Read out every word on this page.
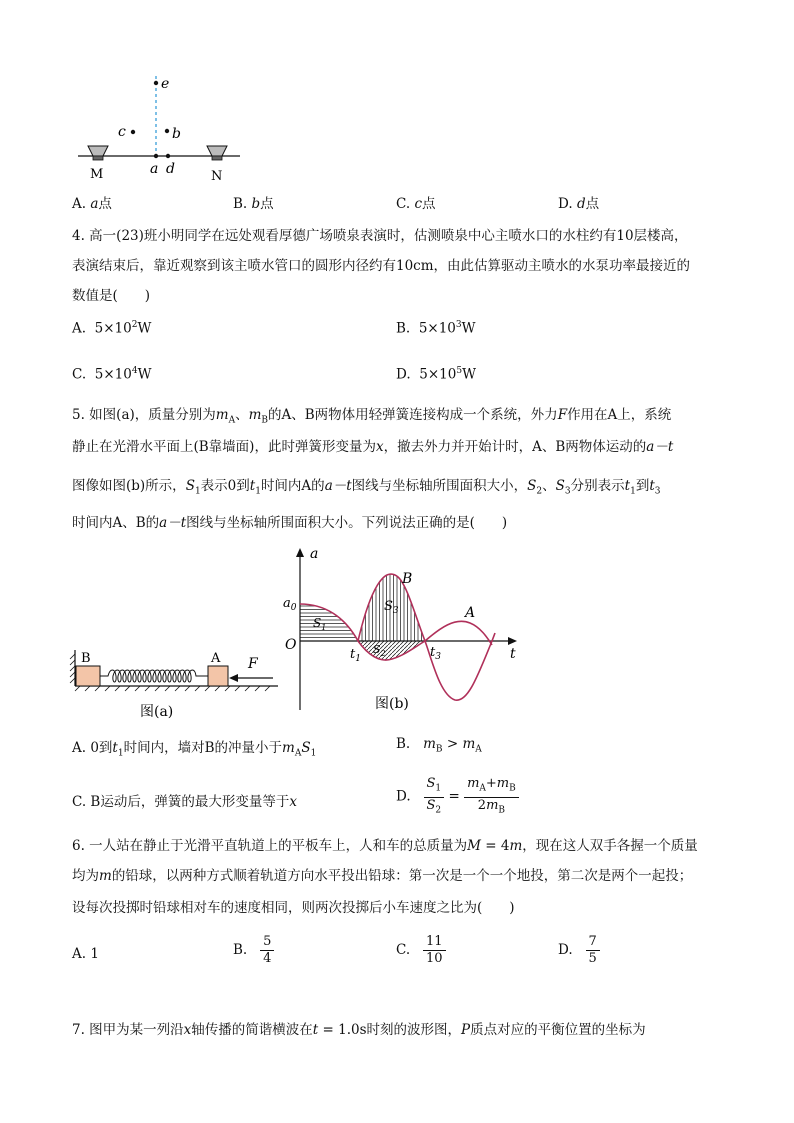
e
c	b
a d
M	N
A. a点	B. b点	C. c点	D. d点
4. 高一(23)班小明同学在远处观看厚德广场喷泉表演时，估测喷泉中心主喷水口的水柱约有10层楼高，
表演结束后，靠近观察到该主喷水管口的圆形内径约有10cm，由此估算驱动主喷水的水泵功率最接近的
数值是(　　)
A. $5\times 10^2W$	B. $5\times 10^3W$
C. $5\times 10^4W$	D. $5\times 10^5W$
5. 如图(a)，质量分别为$m_A$、$m_B$的A、B两物体用轻弹簧连接构成一个系统，外力F作用在A上，系统
静止在光滑水平面上(B靠墙面)，此时弹簧形变量为x，撤去外力并开始计时，A、B两物体运动的a－t
图像如图(b)所示，$S_1$表示0到$t_1$时间内A的a－t图线与坐标轴所围面积大小，$S_2$、$S_3$分别表示$t_1$到$t_3$
时间内A、B的a－t图线与坐标轴所围面积大小。下列说法正确的是(　　)
B	A F
图(a)
a
t
$a_0$
O
$t_1$	$t_3$
B
A
$S_1$
$S_3$
$S_2$
图(b)
A. 0到$t_1$时间内，墙对B的冲量小于$m_AS_1$
B. $m_B > m_A$
C. B运动后，弹簧的最大形变量等于x	D. $\frac{S_1}{S_2} = \frac{m_A+m_B}{2m_B}$
6. 一人站在静止于光滑平直轨道上的平板车上，人和车的总质量为M = 4m，现在这人双手各握一个质量
均为m的铅球，以两种方式顺着轨道方向水平投出铅球：第一次是一个一个地投，第二次是两个一起投；
设每次投掷时铅球相对车的速度相同，则两次投掷后小车速度之比为(　　)
A. 1	B. $\frac{5}{4}$	C. $\frac{11}{10}$	D. $\frac{7}{5}$
7. 图甲为某一列沿x轴传播的简谐横波在t = 1.0s时刻的波形图，P质点对应的平衡位置的坐标为
